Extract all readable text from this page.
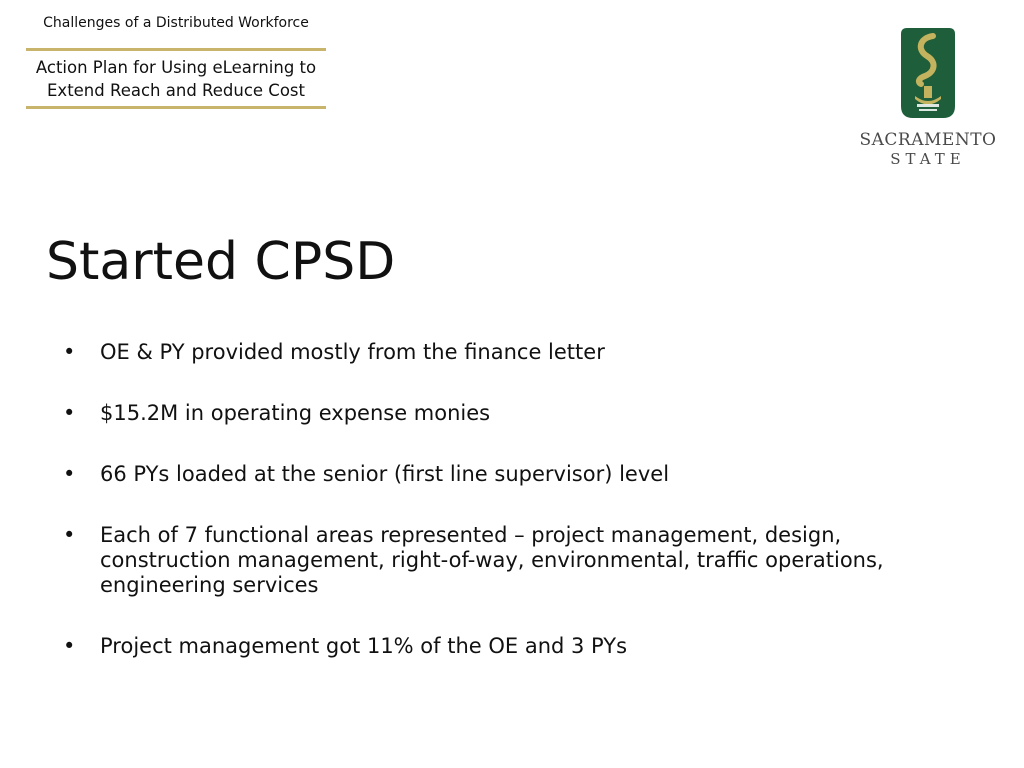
Challenges of a Distributed Workforce
Action Plan for Using eLearning to
Extend Reach and Reduce Cost
SACRAMENTO
STATE
Started CPSD
• OE & PY provided mostly from the finance letter
• $15.2M in operating expense monies
• 66 PYs loaded at the senior (first line supervisor) level
• Each of 7 functional areas represented – project management, design, construction management, right-of-way, environmental, traffic operations, engineering services
• Project management got 11% of the OE and 3 PYs
